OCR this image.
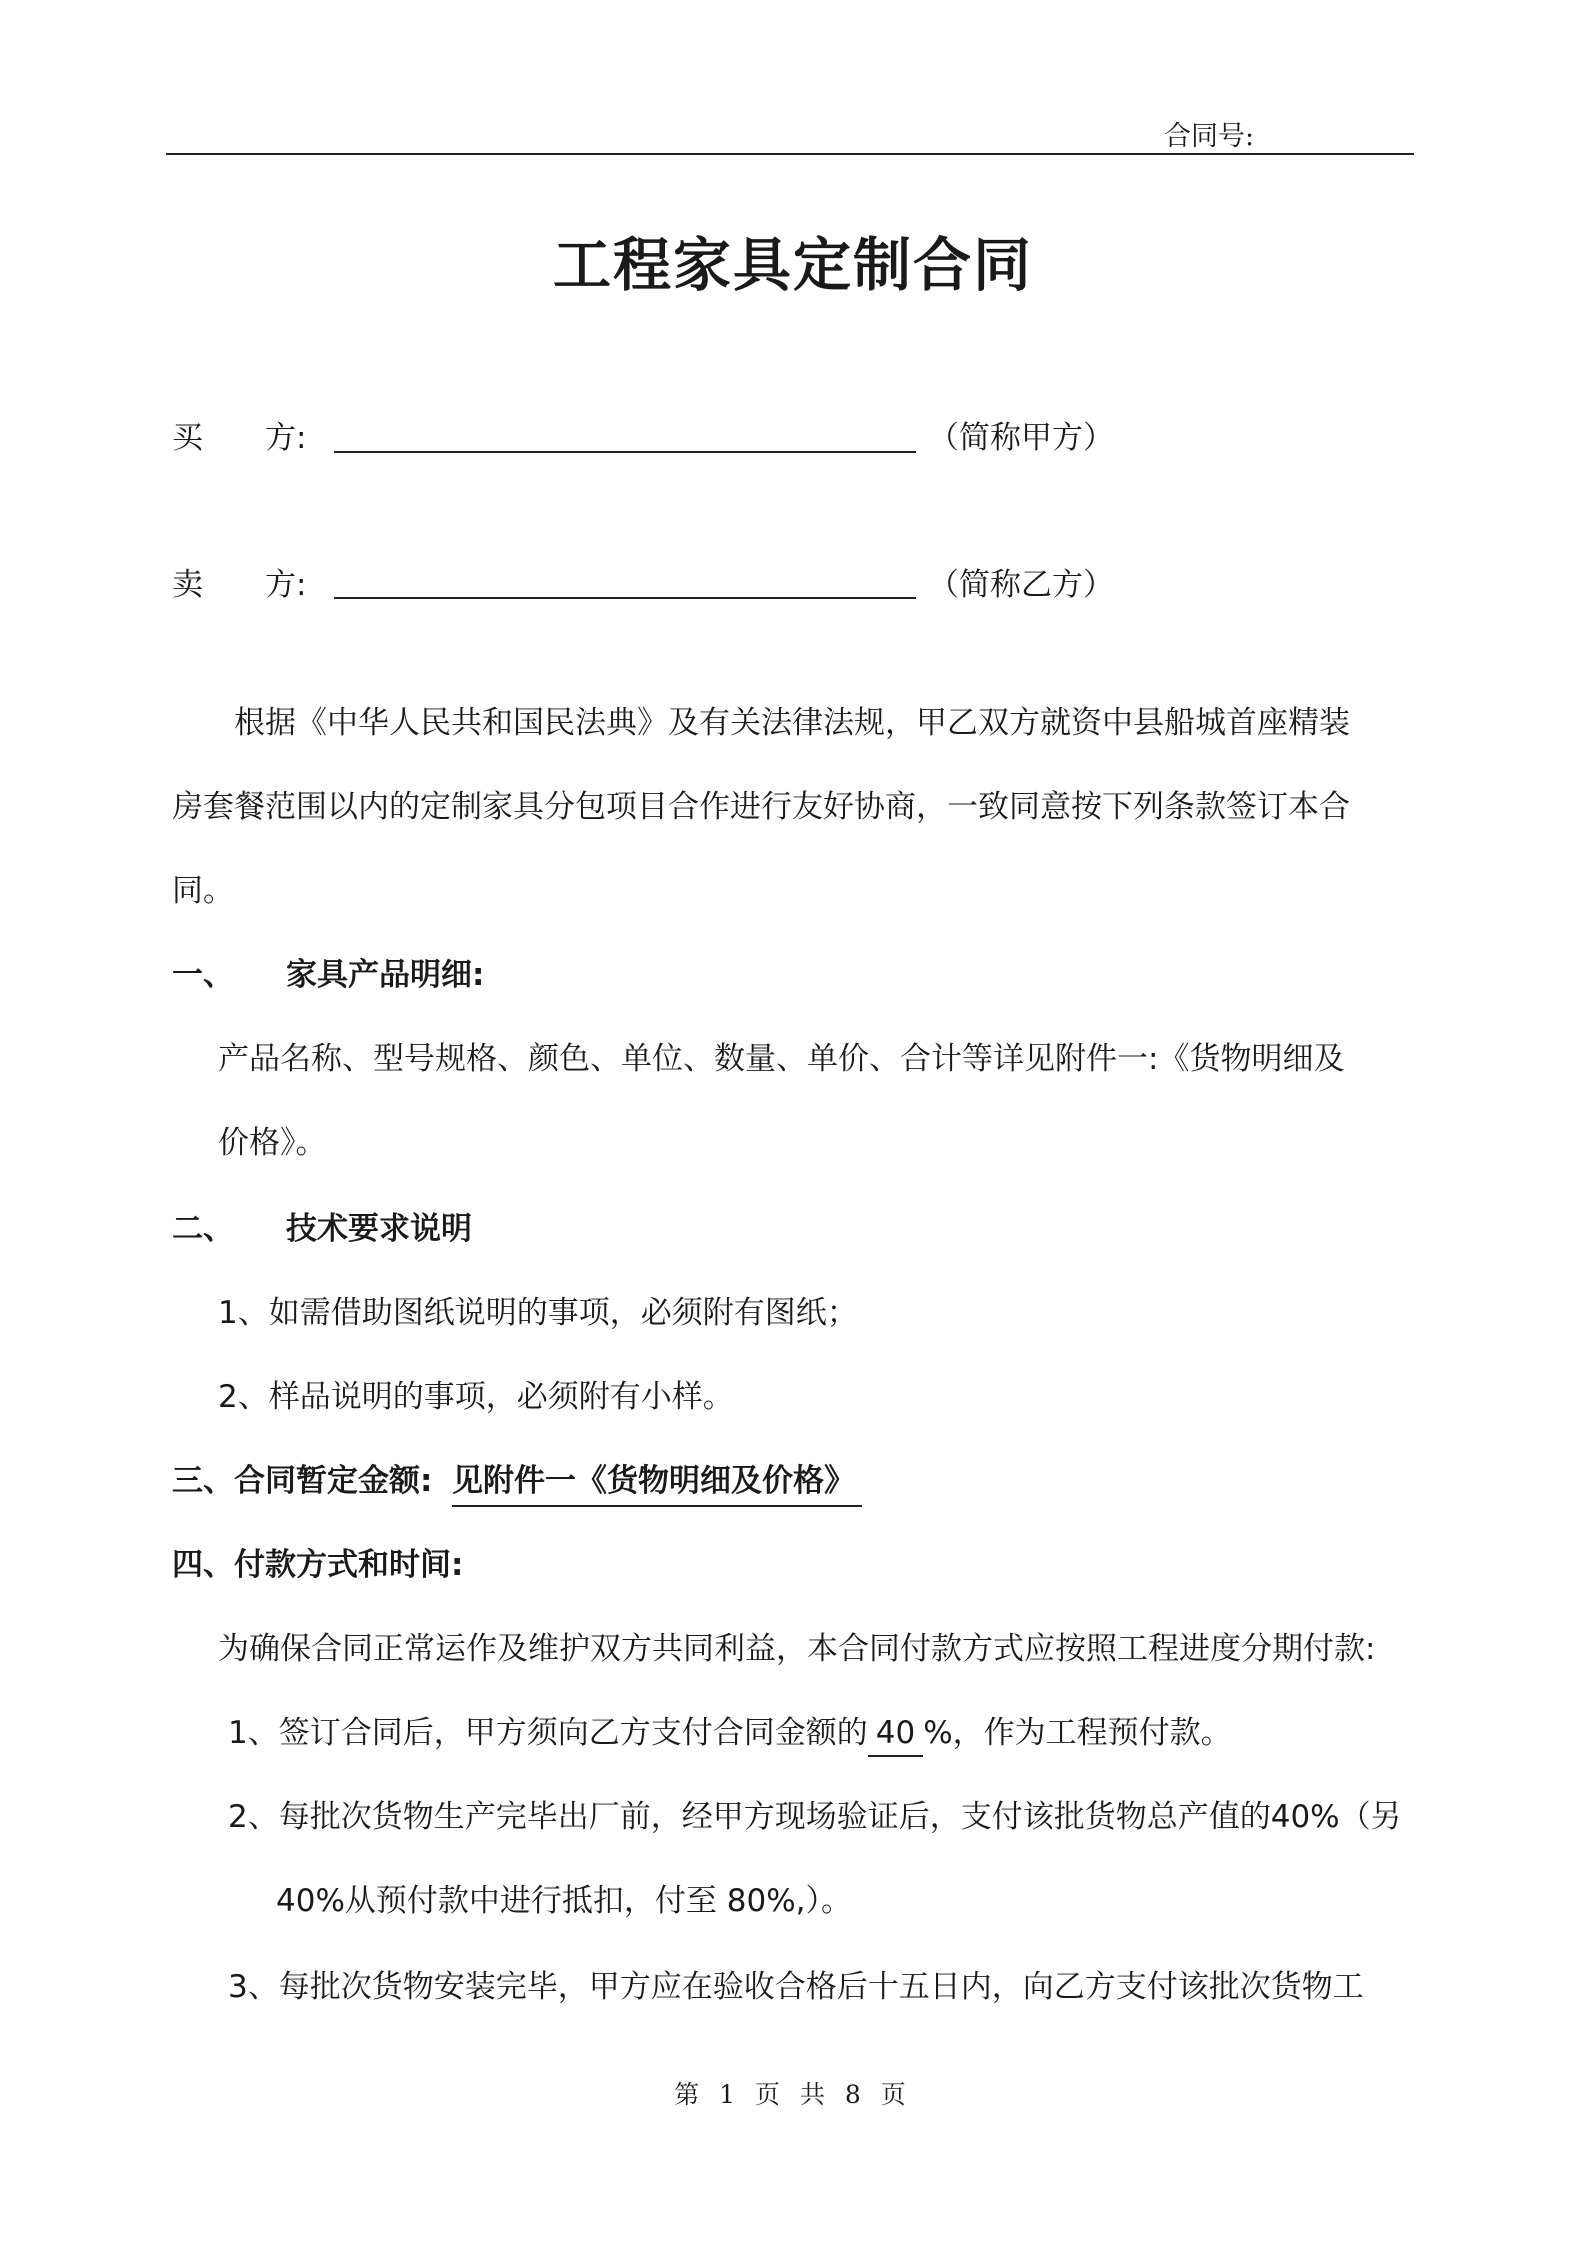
合同号:
工程家具定制合同
买　　方:	（简称甲方）
卖　　方:	（简称乙方）
根据《中华人民共和国民法典》及有关法律法规，甲乙双方就资中县船城首座精装
房套餐范围以内的定制家具分包项目合作进行友好协商，一致同意按下列条款签订本合
同。
一、 家具产品明细:
产品名称、型号规格、颜色、单位、数量、单价、合计等详见附件一:《货物明细及
价格》。
二、 技术要求说明
1、如需借助图纸说明的事项，必须附有图纸；
2、样品说明的事项，必须附有小样。
三、合同暂定金额: 见附件一《货物明细及价格》
四、付款方式和时间:
为确保合同正常运作及维护双方共同利益，本合同付款方式应按照工程进度分期付款:
1、签订合同后，甲方须向乙方支付合同金额的 40 %，作为工程预付款。
2、每批次货物生产完毕出厂前，经甲方现场验证后，支付该批货物总产值的40%（另
40%从预付款中进行抵扣，付至 80%,）。
3、每批次货物安装完毕，甲方应在验收合格后十五日内，向乙方支付该批次货物工
第 1 页 共 8 页
